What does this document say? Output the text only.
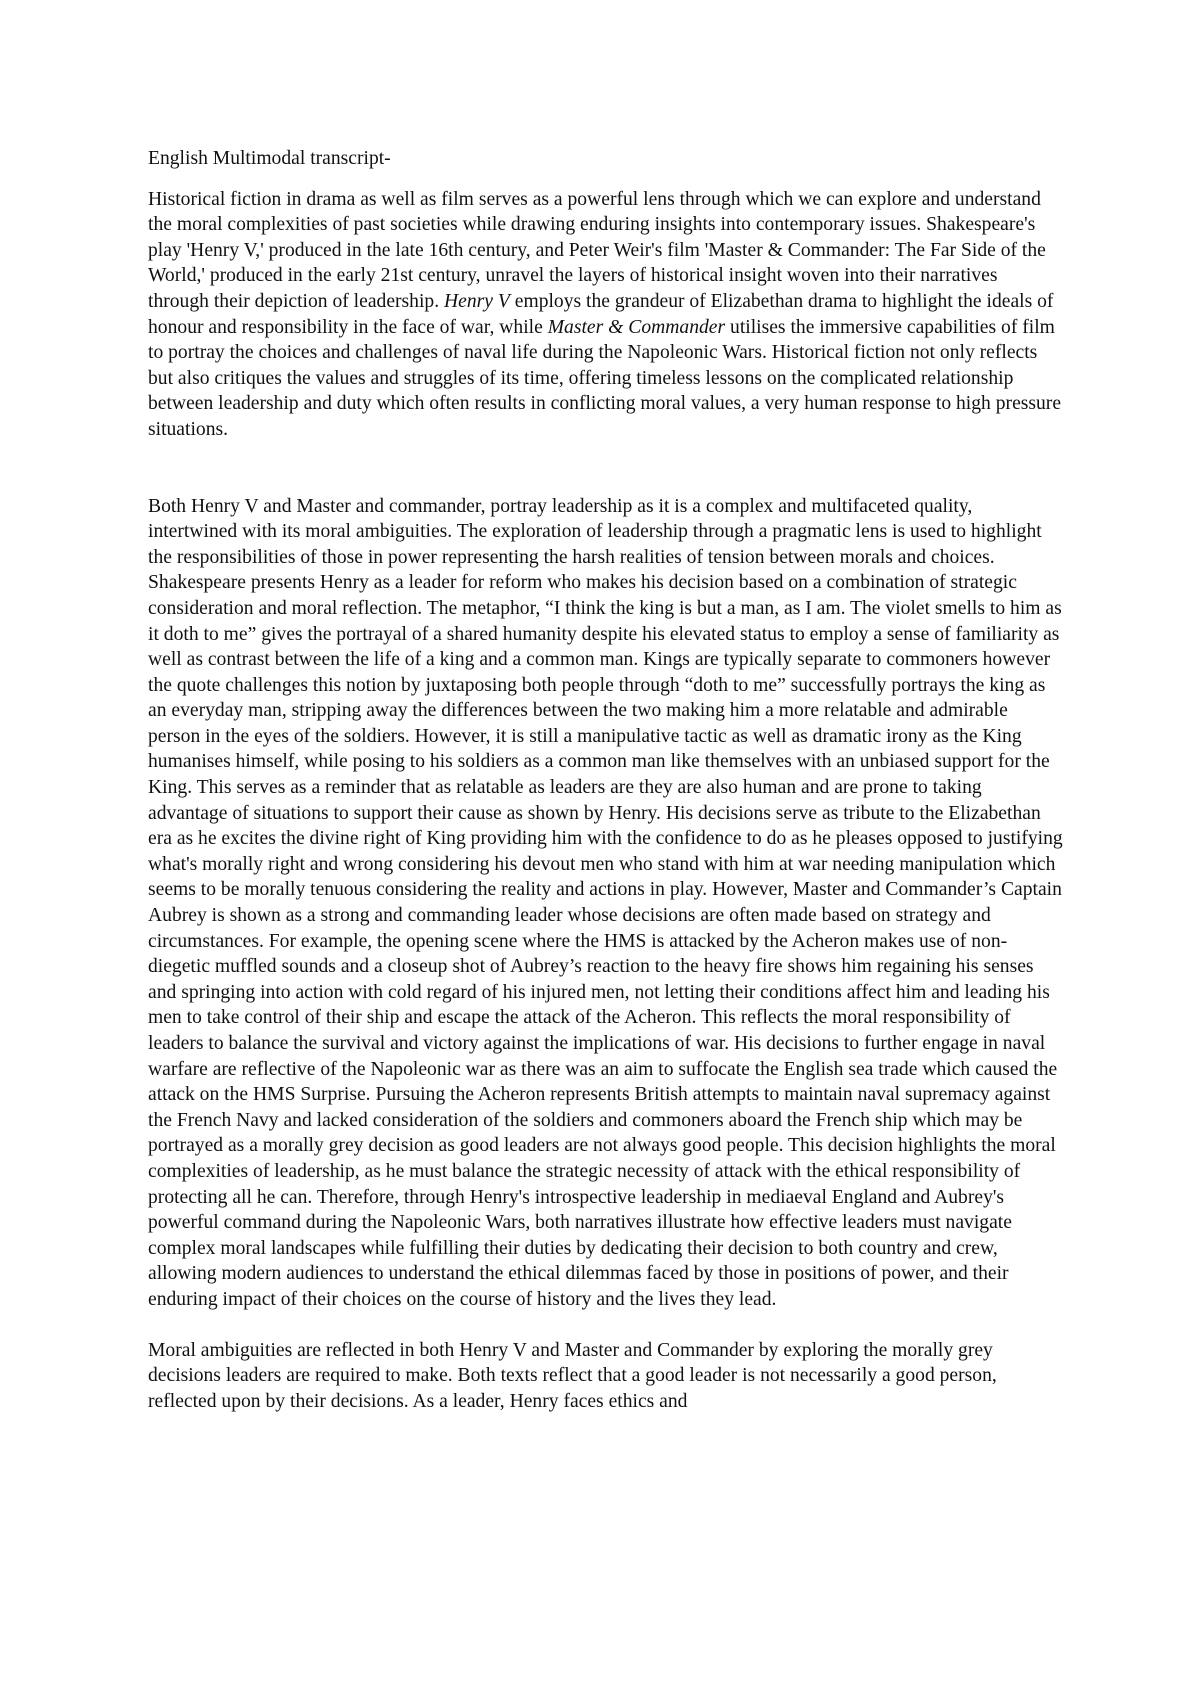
English Multimodal transcript-

Historical fiction in drama as well as film serves as a powerful lens through which we can explore and understand the moral complexities of past societies while drawing enduring insights into contemporary issues. Shakespeare's play 'Henry V,' produced in the late 16th century, and Peter Weir's film 'Master & Commander: The Far Side of the World,' produced in the early 21st century, unravel the layers of historical insight woven into their narratives through their depiction of leadership. Henry V employs the grandeur of Elizabethan drama to highlight the ideals of honour and responsibility in the face of war, while Master & Commander utilises the immersive capabilities of film to portray the choices and challenges of naval life during the Napoleonic Wars. Historical fiction not only reflects but also critiques the values and struggles of its time, offering timeless lessons on the complicated relationship between leadership and duty which often results in conflicting moral values, a very human response to high pressure situations.

Both Henry V and Master and commander, portray leadership as it is a complex and multifaceted quality, intertwined with its moral ambiguities. The exploration of leadership through a pragmatic lens is used to highlight the responsibilities of those in power representing the harsh realities of tension between morals and choices. Shakespeare presents Henry as a leader for reform who makes his decision based on a combination of strategic consideration and moral reflection. The metaphor, “I think the king is but a man, as I am. The violet smells to him as it doth to me” gives the portrayal of a shared humanity despite his elevated status to employ a sense of familiarity as well as contrast between the life of a king and a common man. Kings are typically separate to commoners however the quote challenges this notion by juxtaposing both people through “doth to me” successfully portrays the king as an everyday man, stripping away the differences between the two making him a more relatable and admirable person in the eyes of the soldiers. However, it is still a manipulative tactic as well as dramatic irony as the King humanises himself, while posing to his soldiers as a common man like themselves with an unbiased support for the King. This serves as a reminder that as relatable as leaders are they are also human and are prone to taking advantage of situations to support their cause as shown by Henry. His decisions serve as tribute to the Elizabethan era as he excites the divine right of King providing him with the confidence to do as he pleases opposed to justifying what's morally right and wrong considering his devout men who stand with him at war needing manipulation which seems to be morally tenuous considering the reality and actions in play. However, Master and Commander’s Captain Aubrey is shown as a strong and commanding leader whose decisions are often made based on strategy and circumstances. For example, the opening scene where the HMS is attacked by the Acheron makes use of non-diegetic muffled sounds and a closeup shot of Aubrey’s reaction to the heavy fire shows him regaining his senses and springing into action with cold regard of his injured men, not letting their conditions affect him and leading his men to take control of their ship and escape the attack of the Acheron. This reflects the moral responsibility of leaders to balance the survival and victory against the implications of war. His decisions to further engage in naval warfare are reflective of the Napoleonic war as there was an aim to suffocate the English sea trade which caused the attack on the HMS Surprise. Pursuing the Acheron represents British attempts to maintain naval supremacy against the French Navy and lacked consideration of the soldiers and commoners aboard the French ship which may be portrayed as a morally grey decision as good leaders are not always good people. This decision highlights the moral complexities of leadership, as he must balance the strategic necessity of attack with the ethical responsibility of protecting all he can. Therefore, through Henry's introspective leadership in mediaeval England and Aubrey's powerful command during the Napoleonic Wars, both narratives illustrate how effective leaders must navigate complex moral landscapes while fulfilling their duties by dedicating their decision to both country and crew, allowing modern audiences to understand the ethical dilemmas faced by those in positions of power, and their enduring impact of their choices on the course of history and the lives they lead.

Moral ambiguities are reflected in both Henry V and Master and Commander by exploring the morally grey decisions leaders are required to make. Both texts reflect that a good leader is not necessarily a good person, reflected upon by their decisions. As a leader, Henry faces ethics and
